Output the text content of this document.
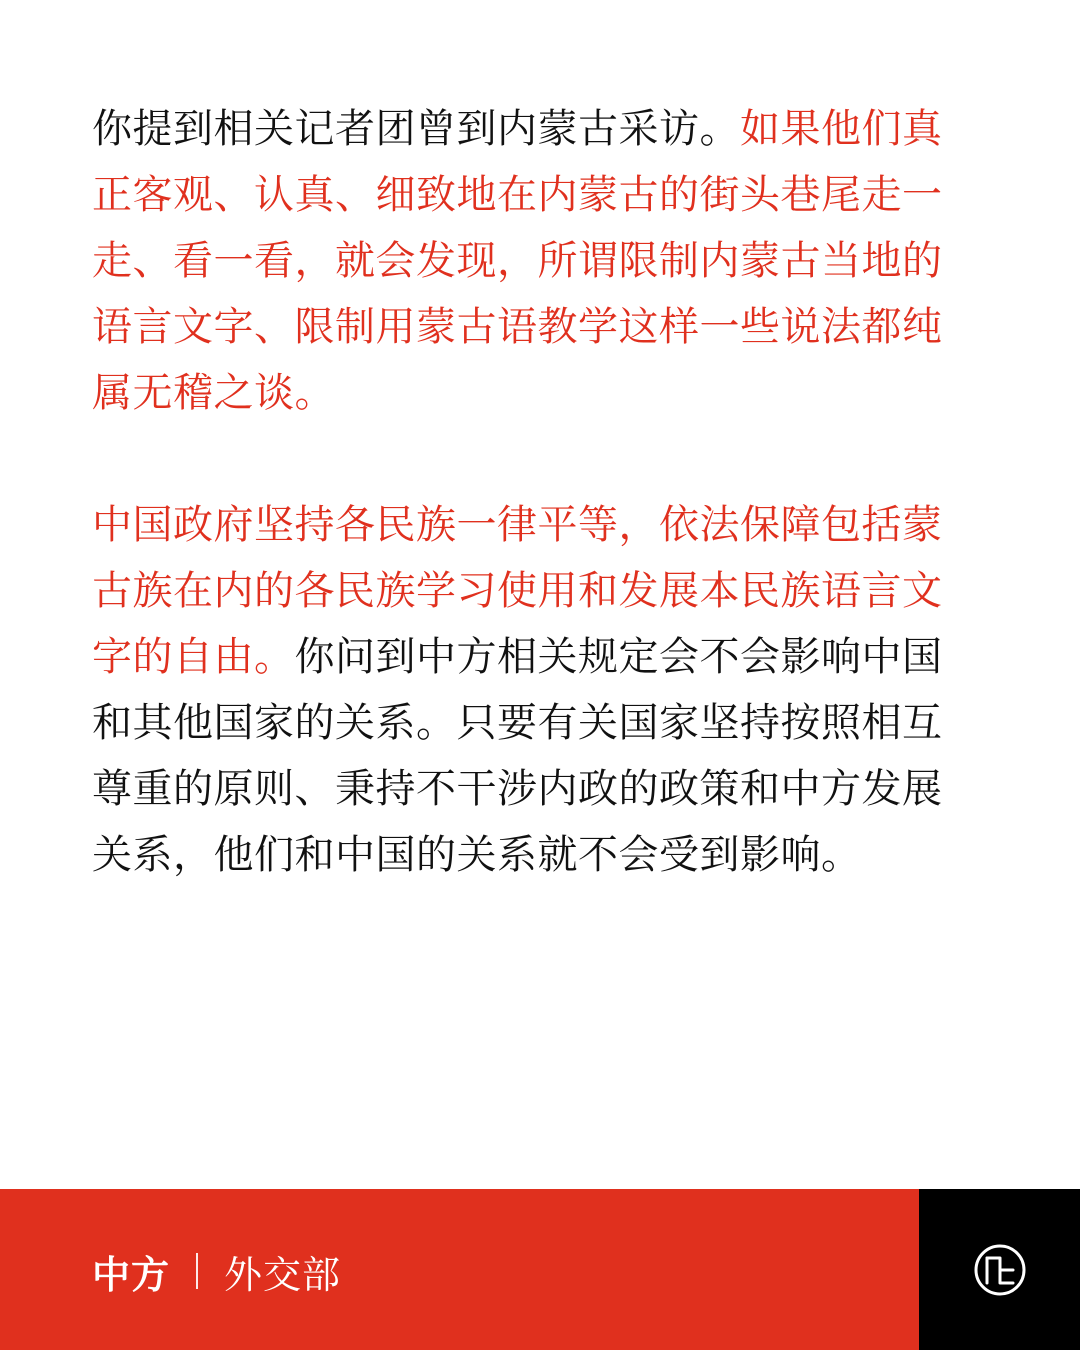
你提到相关记者团曾到内蒙古采访。如果他们真正客观、认真、细致地在内蒙古的街头巷尾走一走、看一看，就会发现，所谓限制内蒙古当地的语言文字、限制用蒙古语教学这样一些说法都纯属无稽之谈。

中国政府坚持各民族一律平等，依法保障包括蒙古族在内的各民族学习使用和发展本民族语言文字的自由。你问到中方相关规定会不会影响中国和其他国家的关系。只要有关国家坚持按照相互尊重的原则、秉持不干涉内政的政策和中方发展关系，他们和中国的关系就不会受到影响。

中方 外交部
